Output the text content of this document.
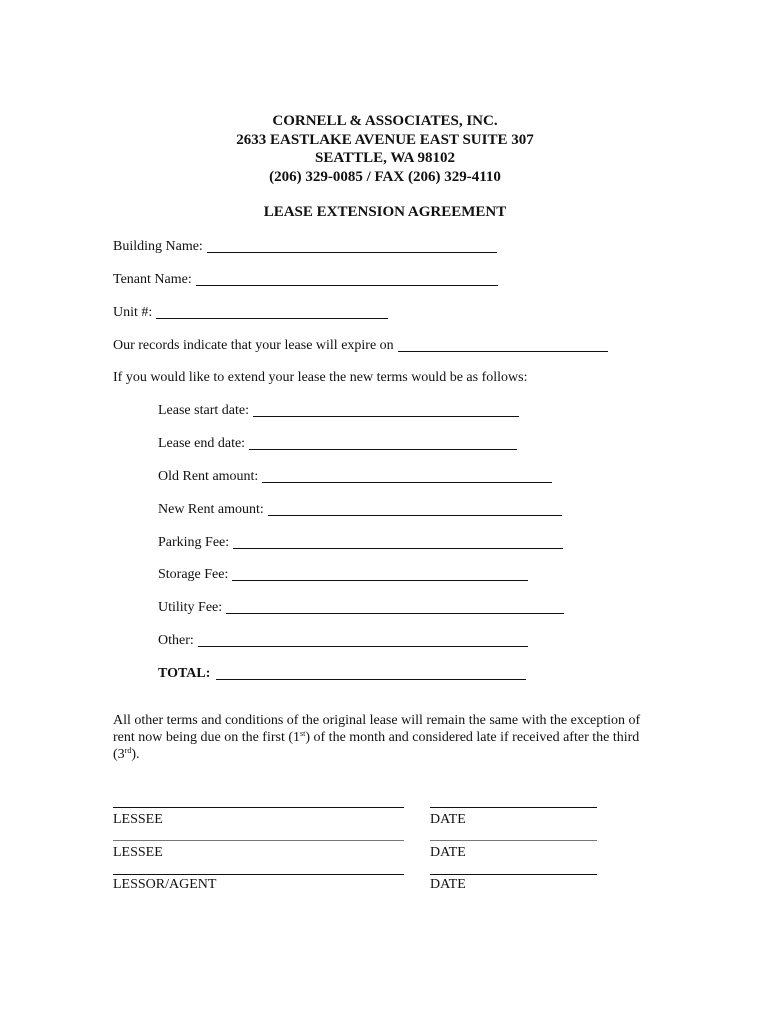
CORNELL & ASSOCIATES, INC.
2633 EASTLAKE AVENUE EAST SUITE 307
SEATTLE, WA 98102
(206) 329-0085 / FAX (206) 329-4110
LEASE EXTENSION AGREEMENT
Building Name:
Tenant Name:
Unit #:
Our records indicate that your lease will expire on
If you would like to extend your lease the new terms would be as follows:
Lease start date:
Lease end date:
Old Rent amount:
New Rent amount:
Parking Fee:
Storage Fee:
Utility Fee:
Other:
TOTAL:
All other terms and conditions of the original lease will remain the same with the exception of rent now being due on the first (1st) of the month and considered late if received after the third (3rd).
LESSEE	DATE
LESSEE	DATE
LESSOR/AGENT	DATE
